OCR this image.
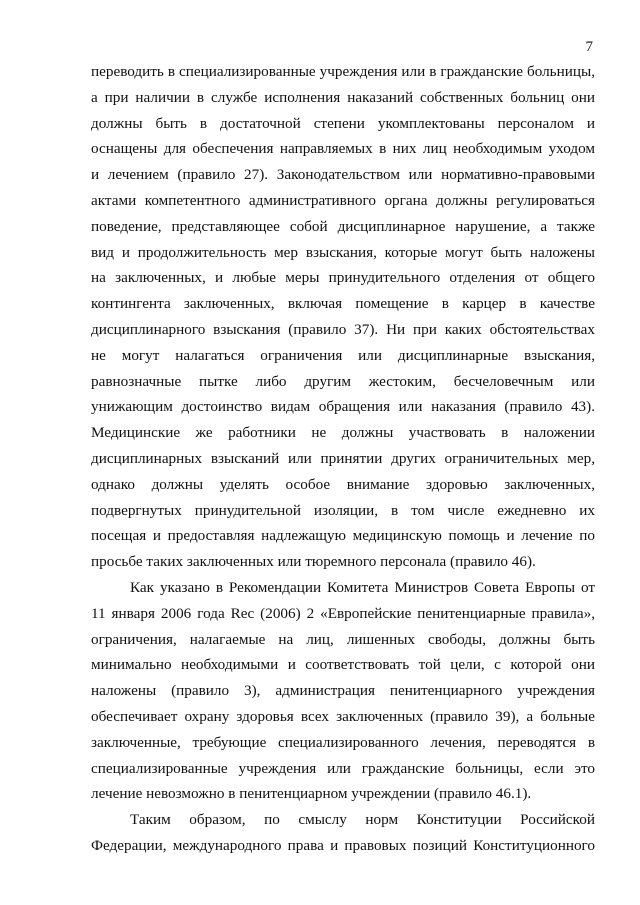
7
переводить в специализированные учреждения или в гражданские больницы,
а при наличии в службе исполнения наказаний собственных больниц они
должны быть в достаточной степени укомплектованы персоналом и
оснащены для обеспечения направляемых в них лиц необходимым уходом
и лечением (правило 27). Законодательством или нормативно-правовыми
актами компетентного административного органа должны регулироваться
поведение, представляющее собой дисциплинарное нарушение, а также
вид и продолжительность мер взыскания, которые могут быть наложены
на заключенных, и любые меры принудительного отделения от общего
контингента заключенных, включая помещение в карцер в качестве
дисциплинарного взыскания (правило 37). Ни при каких обстоятельствах
не могут налагаться ограничения или дисциплинарные взыскания,
равнозначные пытке либо другим жестоким, бесчеловечным или
унижающим достоинство видам обращения или наказания (правило 43).
Медицинские же работники не должны участвовать в наложении
дисциплинарных взысканий или принятии других ограничительных мер,
однако должны уделять особое внимание здоровью заключенных,
подвергнутых принудительной изоляции, в том числе ежедневно их
посещая и предоставляя надлежащую медицинскую помощь и лечение по
просьбе таких заключенных или тюремного персонала (правило 46).
Как указано в Рекомендации Комитета Министров Совета Европы от
11 января 2006 года Rec (2006) 2 «Европейские пенитенциарные правила»,
ограничения, налагаемые на лиц, лишенных свободы, должны быть
минимально необходимыми и соответствовать той цели, с которой они
наложены (правило 3), администрация пенитенциарного учреждения
обеспечивает охрану здоровья всех заключенных (правило 39), а больные
заключенные, требующие специализированного лечения, переводятся в
специализированные учреждения или гражданские больницы, если это
лечение невозможно в пенитенциарном учреждении (правило 46.1).
Таким образом, по смыслу норм Конституции Российской
Федерации, международного права и правовых позиций Конституционного
